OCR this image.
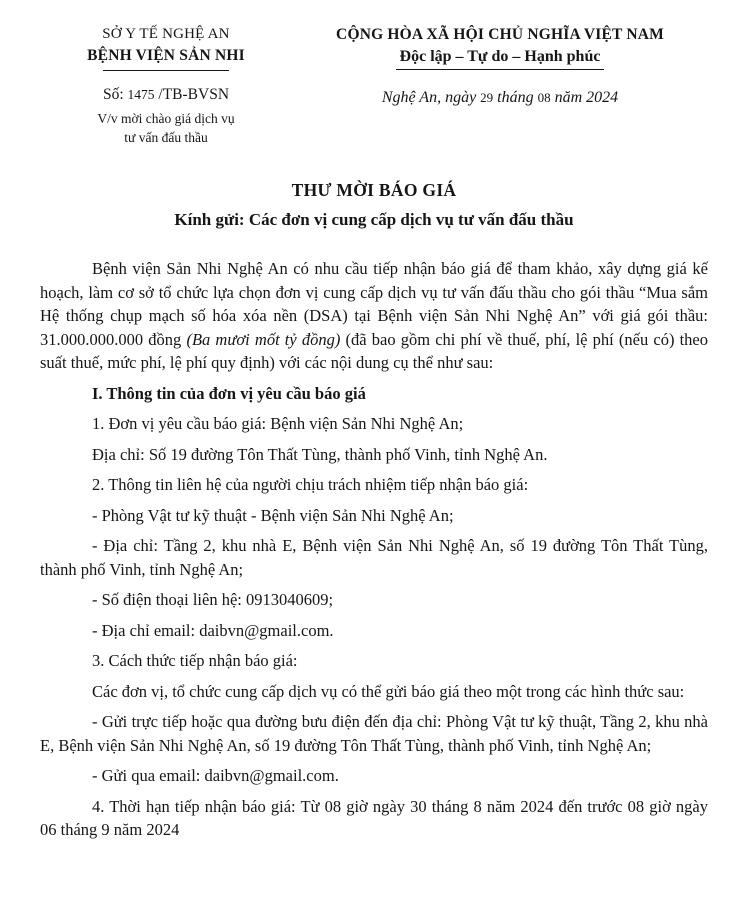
SỞ Y TẾ NGHỆ AN
BỆNH VIỆN SẢN NHI
Số: 1475 /TB-BVSN
V/v mời chào giá dịch vụ
tư vấn đấu thầu
CỘNG HÒA XÃ HỘI CHỦ NGHĨA VIỆT NAM
Độc lập – Tự do – Hạnh phúc
Nghệ An, ngày 29 tháng 08 năm 2024
THƯ MỜI BÁO GIÁ
Kính gửi: Các đơn vị cung cấp dịch vụ tư vấn đấu thầu

Bệnh viện Sản Nhi Nghệ An có nhu cầu tiếp nhận báo giá để tham khảo, xây dựng giá kế hoạch, làm cơ sở tổ chức lựa chọn đơn vị cung cấp dịch vụ tư vấn đấu thầu cho gói thầu “Mua sắm Hệ thống chụp mạch số hóa xóa nền (DSA) tại Bệnh viện Sản Nhi Nghệ An” với giá gói thầu: 31.000.000.000 đồng (Ba mươi mốt tỷ đồng) (đã bao gồm chi phí về thuế, phí, lệ phí (nếu có) theo suất thuế, mức phí, lệ phí quy định) với các nội dung cụ thể như sau:

I. Thông tin của đơn vị yêu cầu báo giá

1. Đơn vị yêu cầu báo giá: Bệnh viện Sản Nhi Nghệ An;

Địa chỉ: Số 19 đường Tôn Thất Tùng, thành phố Vinh, tỉnh Nghệ An.

2. Thông tin liên hệ của người chịu trách nhiệm tiếp nhận báo giá:

- Phòng Vật tư kỹ thuật - Bệnh viện Sản Nhi Nghệ An;

- Địa chỉ: Tầng 2, khu nhà E, Bệnh viện Sản Nhi Nghệ An, số 19 đường Tôn Thất Tùng, thành phố Vinh, tỉnh Nghệ An;

- Số điện thoại liên hệ: 0913040609;

- Địa chỉ email: daibvn@gmail.com.

3. Cách thức tiếp nhận báo giá:

Các đơn vị, tổ chức cung cấp dịch vụ có thể gửi báo giá theo một trong các hình thức sau:

- Gửi trực tiếp hoặc qua đường bưu điện đến địa chỉ: Phòng Vật tư kỹ thuật, Tầng 2, khu nhà E, Bệnh viện Sản Nhi Nghệ An, số 19 đường Tôn Thất Tùng, thành phố Vinh, tỉnh Nghệ An;

- Gửi qua email: daibvn@gmail.com.

4. Thời hạn tiếp nhận báo giá: Từ 08 giờ ngày 30 tháng 8 năm 2024 đến trước 08 giờ ngày 06 tháng 9 năm 2024
